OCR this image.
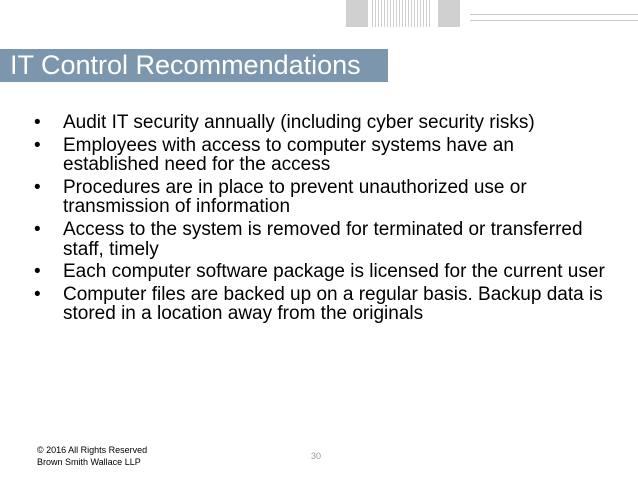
IT Control Recommendations
•	Audit IT security annually (including cyber security risks)
•	Employees with access to computer systems have an established need for the access
•	Procedures are in place to prevent unauthorized use or transmission of information
•	Access to the system is removed for terminated or transferred staff, timely
•	Each computer software package is licensed for the current user
•	Computer files are backed up on a regular basis. Backup data is stored in a location away from the originals
© 2016 All Rights Reserved
Brown Smith Wallace LLP
30
